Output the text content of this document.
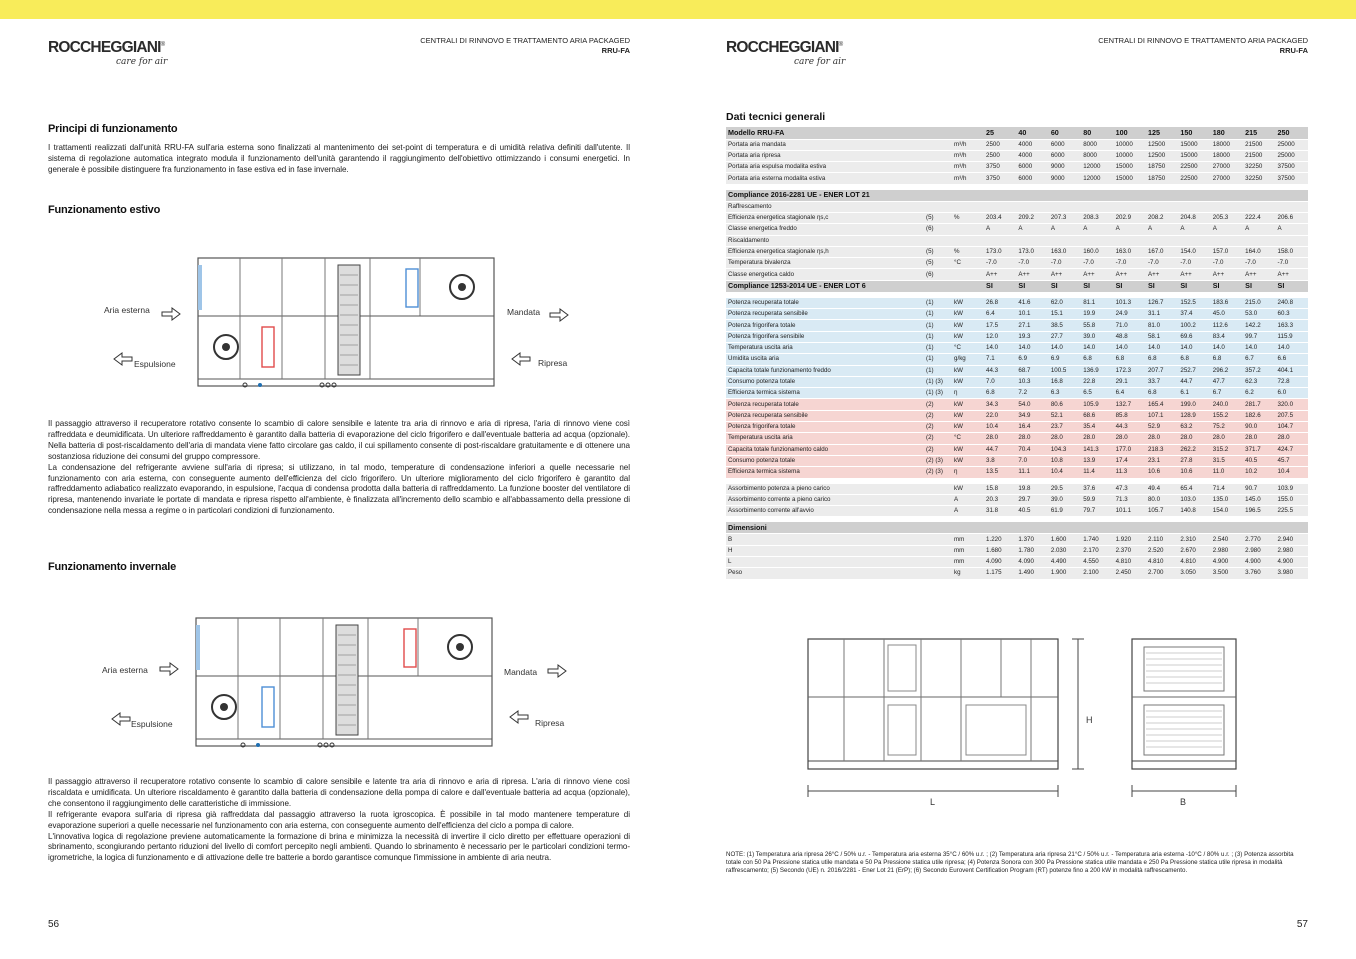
ROCCHEGGIANI®
care for air
CENTRALI DI RINNOVO E TRATTAMENTO ARIA PACKAGED
RRU-FA
Principi di funzionamento
I trattamenti realizzati dall'unità RRU-FA sull'aria esterna sono finalizzati al mantenimento dei set-point di temperatura e di umidità relativa definiti dall'utente. Il sistema di regolazione automatica integrato modula il funzionamento dell'unità garantendo il raggiungimento dell'obiettivo ottimizzando i consumi energetici. In generale è possibile distinguere fra funzionamento in fase estiva ed in fase invernale.
Funzionamento estivo
Aria esterna	Mandata
Espulsione	Ripresa
Il passaggio attraverso il recuperatore rotativo consente lo scambio di calore sensibile e latente tra aria di rinnovo e aria di ripresa, l'aria di rinnovo viene così raffreddata e deumidificata. Un ulteriore raffreddamento è garantito dalla batteria di evaporazione del ciclo frigorifero e dall'eventuale batteria ad acqua (opzionale). Nella batteria di post-riscaldamento dell'aria di mandata viene fatto circolare gas caldo, il cui spillamento consente di post-riscaldare gratuitamente e di ottenere una sostanziosa riduzione dei consumi del gruppo compressore.
La condensazione del refrigerante avviene sull'aria di ripresa; si utilizzano, in tal modo, temperature di condensazione inferiori a quelle necessarie nel funzionamento con aria esterna, con conseguente aumento dell'efficienza del ciclo frigorifero. Un ulteriore miglioramento del ciclo frigorifero è garantito dal raffreddamento adiabatico realizzato evaporando, in espulsione, l'acqua di condensa prodotta dalla batteria di raffreddamento. La funzione booster del ventilatore di ripresa, mantenendo invariate le portate di mandata e ripresa rispetto all'ambiente, è finalizzata all'incremento dello scambio e all'abbassamento della pressione di condensazione nella messa a regime o in particolari condizioni di funzionamento.
Funzionamento invernale
Aria esterna	Mandata
Espulsione	Ripresa
Il passaggio attraverso il recuperatore rotativo consente lo scambio di calore sensibile e latente tra aria di rinnovo e aria di ripresa. L'aria di rinnovo viene così riscaldata e umidificata. Un ulteriore riscaldamento è garantito dalla batteria di condensazione della pompa di calore e dall'eventuale batteria ad acqua (opzionale), che consentono il raggiungimento delle caratteristiche di immissione.
Il refrigerante evapora sull'aria di ripresa già raffreddata dal passaggio attraverso la ruota igroscopica. È possibile in tal modo mantenere temperature di evaporazione superiori a quelle necessarie nel funzionamento con aria esterna, con conseguente aumento dell'efficienza del ciclo a pompa di calore.
L'innovativa logica di regolazione previene automaticamente la formazione di brina e minimizza la necessità di invertire il ciclo diretto per effettuare operazioni di sbrinamento, scongiurando pertanto riduzioni del livello di comfort percepito negli ambienti. Quando lo sbrinamento è necessario per le particolari condizioni termo-igrometriche, la logica di funzionamento e di attivazione delle tre batterie a bordo garantisce comunque l'immissione in ambiente di aria neutra.
56
ROCCHEGGIANI®
care for air
CENTRALI DI RINNOVO E TRATTAMENTO ARIA PACKAGED
RRU-FA
Dati tecnici generali
Modello RRU-FA			25	40	60	80	100	125	150	180	215	250
Portata aria mandata		m³/h	2500	4000	6000	8000	10000	12500	15000	18000	21500	25000
Portata aria ripresa		m³/h	2500	4000	6000	8000	10000	12500	15000	18000	21500	25000
Portata aria espulsa modalita estiva		m³/h	3750	6000	9000	12000	15000	18750	22500	27000	32250	37500
Portata aria esterna modalita estiva		m³/h	3750	6000	9000	12000	15000	18750	22500	27000	32250	37500

Compliance 2016-2281 UE - ENER LOT 21												
Raffrescamento												
Efficienza energetica stagionale ηs,c	(5)	%	203.4	209.2	207.3	208.3	202.9	208.2	204.8	205.3	222.4	206.6
Classe energetica freddo	(6)		A	A	A	A	A	A	A	A	A	A
Riscaldamento												
Efficienza energetica stagionale ηs,h	(5)	%	173.0	173.0	163.0	160.0	163.0	167.0	154.0	157.0	164.0	158.0
Temperatura bivalenza	(5)	°C	-7.0	-7.0	-7.0	-7.0	-7.0	-7.0	-7.0	-7.0	-7.0	-7.0
Classe energetica caldo	(6)		A++	A++	A++	A++	A++	A++	A++	A++	A++	A++
Compliance 1253-2014 UE - ENER LOT 6			SI	SI	SI	SI	SI	SI	SI	SI	SI	SI

Potenza recuperata totale	(1)	kW	26.8	41.6	62.0	81.1	101.3	126.7	152.5	183.6	215.0	240.8
Potenza recuperata sensibile	(1)	kW	6.4	10.1	15.1	19.9	24.9	31.1	37.4	45.0	53.0	60.3
Potenza frigorifera totale	(1)	kW	17.5	27.1	38.5	55.8	71.0	81.0	100.2	112.6	142.2	163.3
Potenza frigorifera sensibile	(1)	kW	12.0	19.3	27.7	39.0	48.8	58.1	69.6	83.4	99.7	115.9
Temperatura uscita aria	(1)	°C	14.0	14.0	14.0	14.0	14.0	14.0	14.0	14.0	14.0	14.0
Umidita uscita aria	(1)	g/kg	7.1	6.9	6.9	6.8	6.8	6.8	6.8	6.8	6.7	6.6
Capacita totale funzionamento freddo	(1)	kW	44.3	68.7	100.5	136.9	172.3	207.7	252.7	296.2	357.2	404.1
Consumo potenza totale	(1) (3)	kW	7.0	10.3	16.8	22.8	29.1	33.7	44.7	47.7	62.3	72.8
Efficienza termica sistema	(1) (3)	η	6.8	7.2	6.3	6.5	6.4	6.8	6.1	6.7	6.2	6.0
Potenza recuperata totale	(2)	kW	34.3	54.0	80.6	105.9	132.7	165.4	199.0	240.0	281.7	320.0
Potenza recuperata sensibile	(2)	kW	22.0	34.9	52.1	68.6	85.8	107.1	128.9	155.2	182.6	207.5
Potenza frigorifera totale	(2)	kW	10.4	16.4	23.7	35.4	44.3	52.9	63.2	75.2	90.0	104.7
Temperatura uscita aria	(2)	°C	28.0	28.0	28.0	28.0	28.0	28.0	28.0	28.0	28.0	28.0
Capacita totale funzionamento caldo	(2)	kW	44.7	70.4	104.3	141.3	177.0	218.3	262.2	315.2	371.7	424.7
Consumo potenza totale	(2) (3)	kW	3.8	7.0	10.8	13.9	17.4	23.1	27.8	31.5	40.5	45.7
Efficienza termica sistema	(2) (3)	η	13.5	11.1	10.4	11.4	11.3	10.6	10.6	11.0	10.2	10.4

Assorbimento potenza a pieno carico		kW	15.8	19.8	29.5	37.6	47.3	49.4	65.4	71.4	90.7	103.9
Assorbimento corrente a pieno carico		A	20.3	29.7	39.0	59.9	71.3	80.0	103.0	135.0	145.0	155.0
Assorbimento corrente all'avvio		A	31.8	40.5	61.9	79.7	101.1	105.7	140.8	154.0	196.5	225.5

Dimensioni												
B		mm	1.220	1.370	1.600	1.740	1.920	2.110	2.310	2.540	2.770	2.940
H		mm	1.680	1.780	2.030	2.170	2.370	2.520	2.670	2.980	2.980	2.980
L		mm	4.090	4.090	4.490	4.550	4.810	4.810	4.810	4.900	4.900	4.900
Peso		kg	1.175	1.490	1.900	2.100	2.450	2.700	3.050	3.500	3.760	3.980
L
H
B
NOTE: (1) Temperatura aria ripresa 26°C / 50% u.r. - Temperatura aria esterna 35°C / 60% u.r. ; (2) Temperatura aria ripresa 21°C / 50% u.r. - Temperatura aria esterna -10°C / 80% u.r. ; (3) Potenza assorbita totale con 50 Pa Pressione statica utile mandata e 50 Pa Pressione statica utile ripresa; (4) Potenza Sonora con 300 Pa Pressione statica utile mandata e 250 Pa Pressione statica utile ripresa in modalità raffrescamento; (5) Secondo (UE) n. 2016/2281 - Ener Lot 21 (ErP); (6) Secondo Eurovent Certification Program (RT) potenze fino a 200 kW in modalità raffrescamento.
57
